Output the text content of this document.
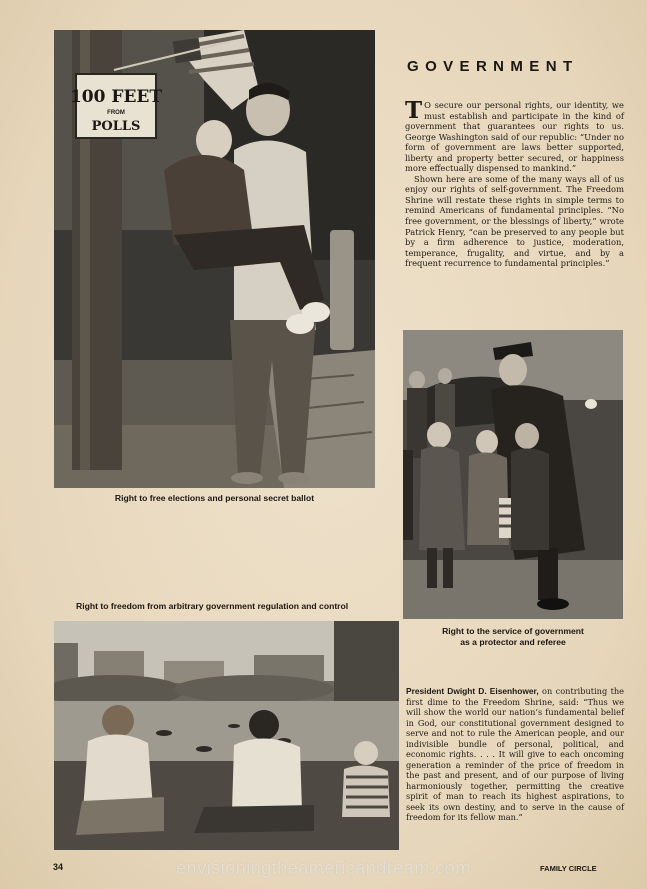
100 FEET
FROM
POLLS
Right to free elections and personal secret ballot
GOVERNMENT

T O secure our personal rights, our identity, we must establish and participate in the kind of government that guarantees our rights to us. George Washington said of our republic: “Under no form of government are laws better supported, liberty and property better secured, or happiness more effectually dispensed to mankind.”

Shown here are some of the many ways all of us enjoy our rights of self-government. The Freedom Shrine will restate these rights in simple terms to remind Americans of fundamental principles. “No free government, or the blessings of liberty,” wrote Patrick Henry, “can be preserved to any people but by a firm adherence to justice, moderation, temperance, frugality, and virtue, and by a frequent recurrence to fundamental principles.”

Right to freedom from arbitrary government regulation and control
Right to the service of government
as a protector and referee
President Dwight D. Eisenhower, on contributing the first dime to the Freedom Shrine, said: “Thus we will show the world our nation’s fundamental belief in God, our constitutional government designed to serve and not to rule the American people, and our indivisible bundle of personal, political, and economic rights. . . . It will give to each oncoming generation a reminder of the price of freedom in the past and present, and of our purpose of living harmoniously together, permitting the creative spirit of man to reach its highest aspirations, to seek its own destiny, and to serve in the cause of freedom for its fellow man.”
envisioningtheamericandream.com
34	FAMILY CIRCLE
